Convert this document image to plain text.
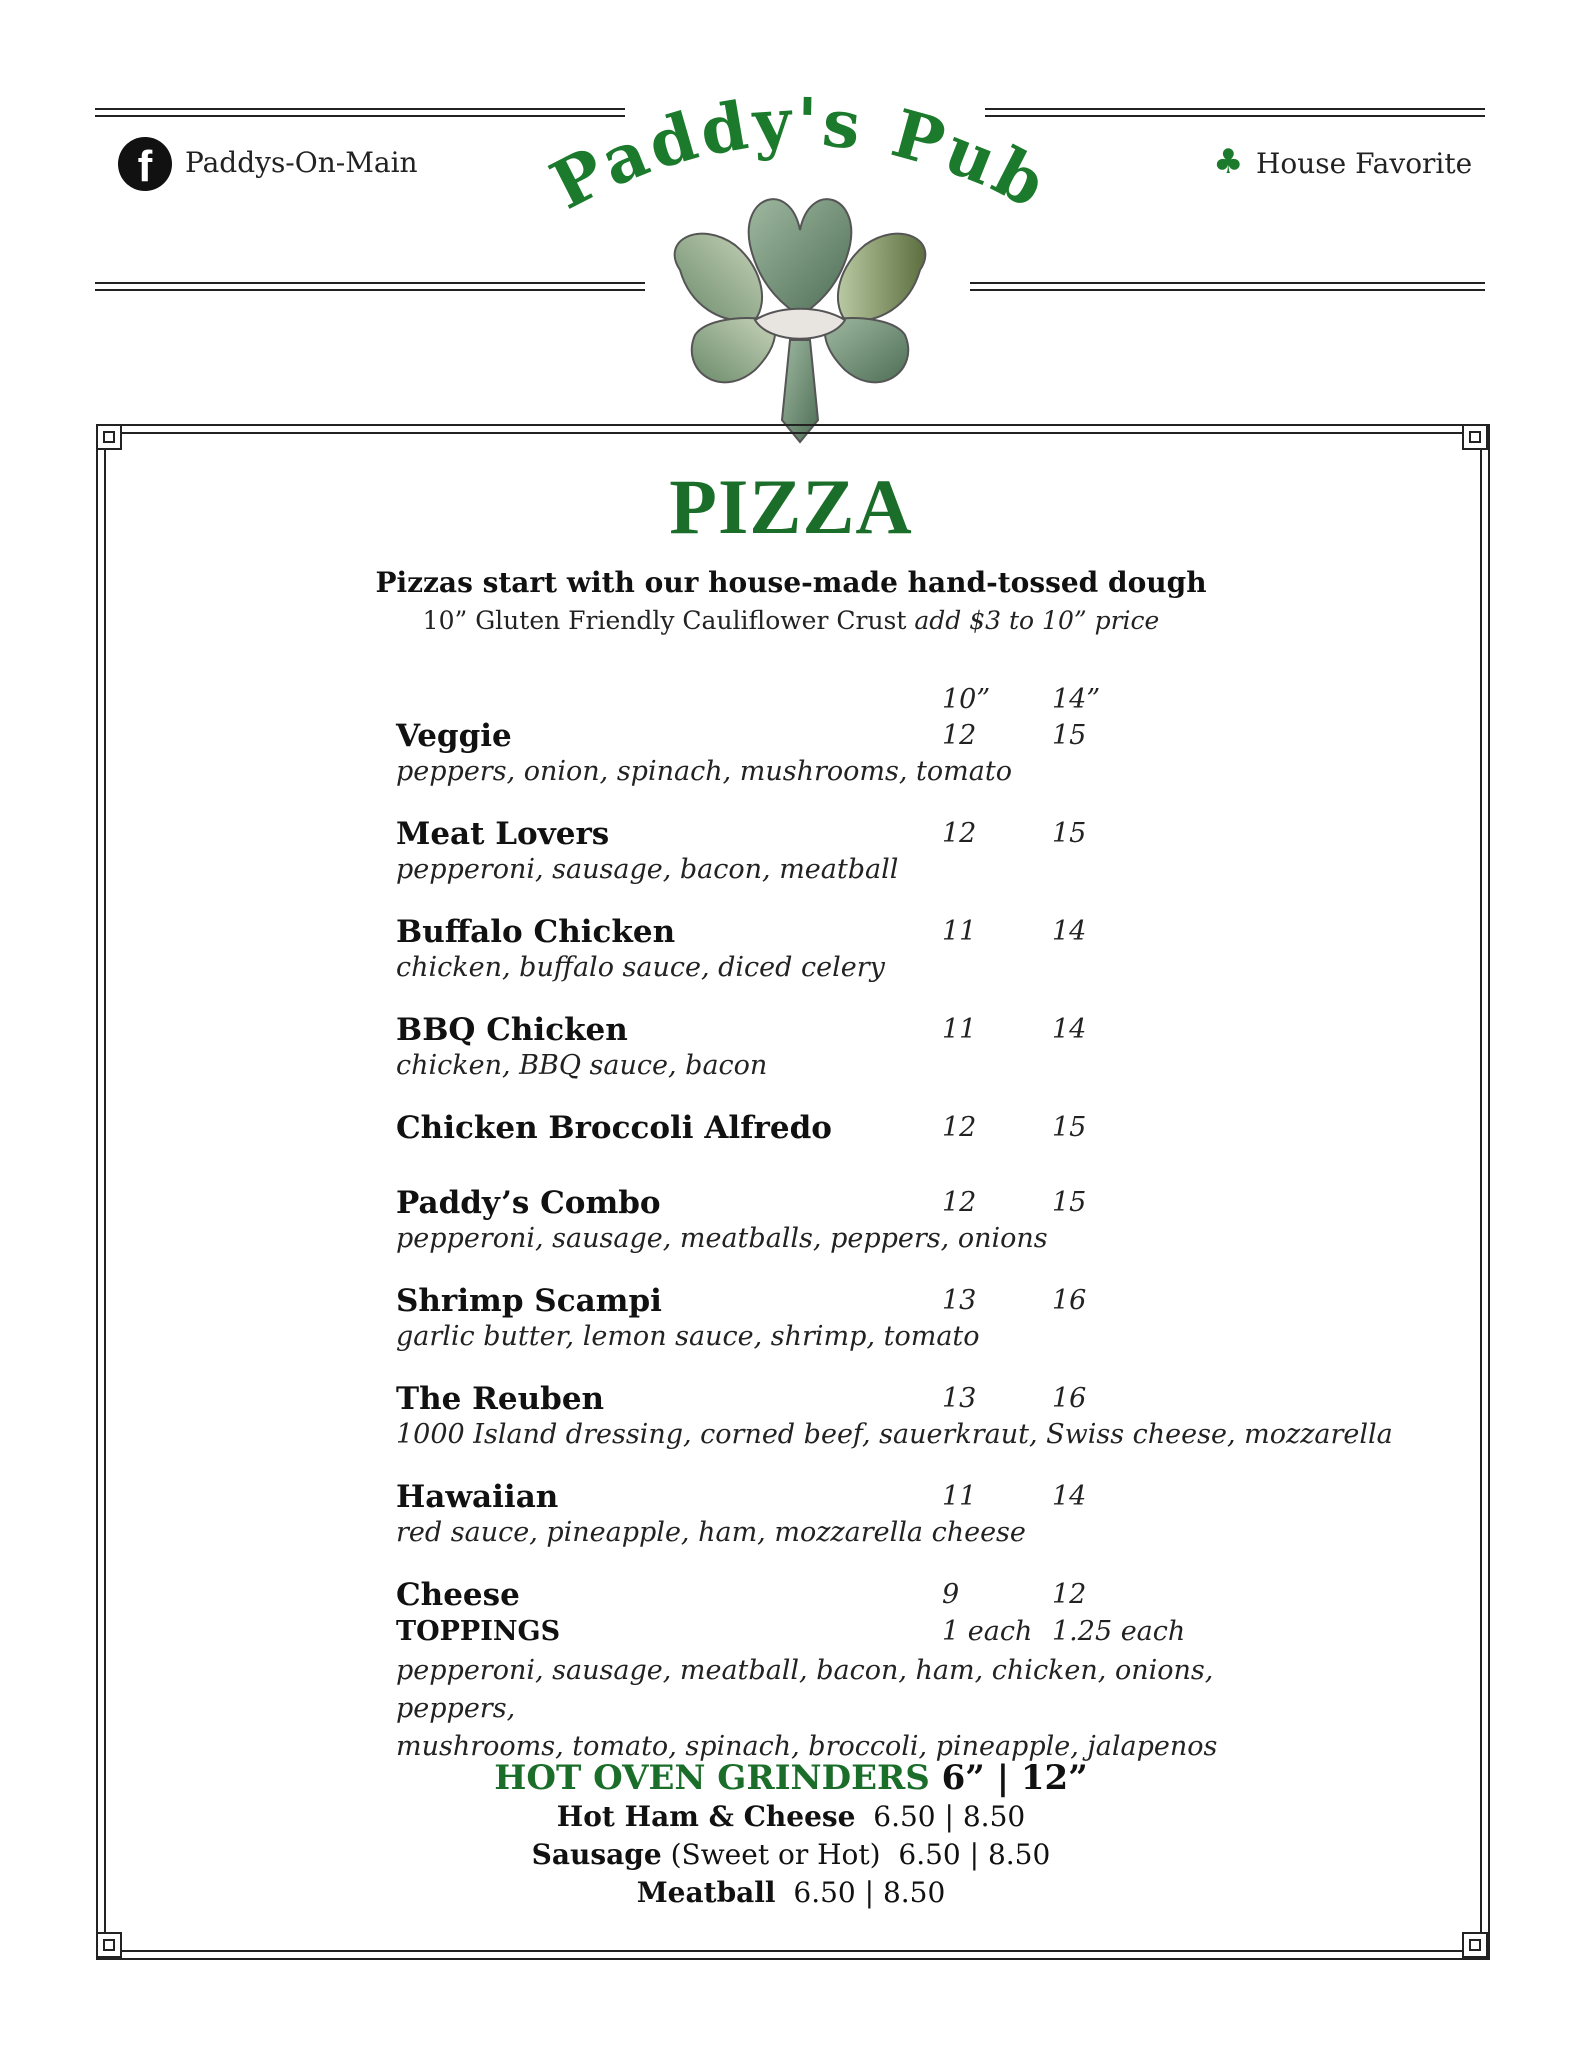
f	Paddys-On-Main	♣ House Favorite
Paddy's Pub
PIZZA
Pizzas start with our house-made hand-tossed dough
10” Gluten Friendly Cauliflower Crust add $3 to 10” price
10” 14”
Veggie	12	15
peppers, onion, spinach, mushrooms, tomato
Meat Lovers	12	15
pepperoni, sausage, bacon, meatball
Buffalo Chicken	11	14
chicken, buffalo sauce, diced celery
BBQ Chicken	11	14
chicken, BBQ sauce, bacon
Chicken Broccoli Alfredo	12	15
Paddy’s Combo	12	15
pepperoni, sausage, meatballs, peppers, onions
Shrimp Scampi	13	16
garlic butter, lemon sauce, shrimp, tomato
The Reuben	13	16
1000 Island dressing, corned beef, sauerkraut, Swiss cheese, mozzarella
Hawaiian	11	14
red sauce, pineapple, ham, mozzarella cheese
Cheese	9	12
TOPPINGS	1 each 1.25 each
pepperoni, sausage, meatball, bacon, ham, chicken, onions, peppers,
mushrooms, tomato, spinach, broccoli, pineapple, jalapenos
HOT OVEN GRINDERS 6” | 12”
Hot Ham & Cheese 6.50 | 8.50
Sausage (Sweet or Hot) 6.50 | 8.50
Meatball 6.50 | 8.50
